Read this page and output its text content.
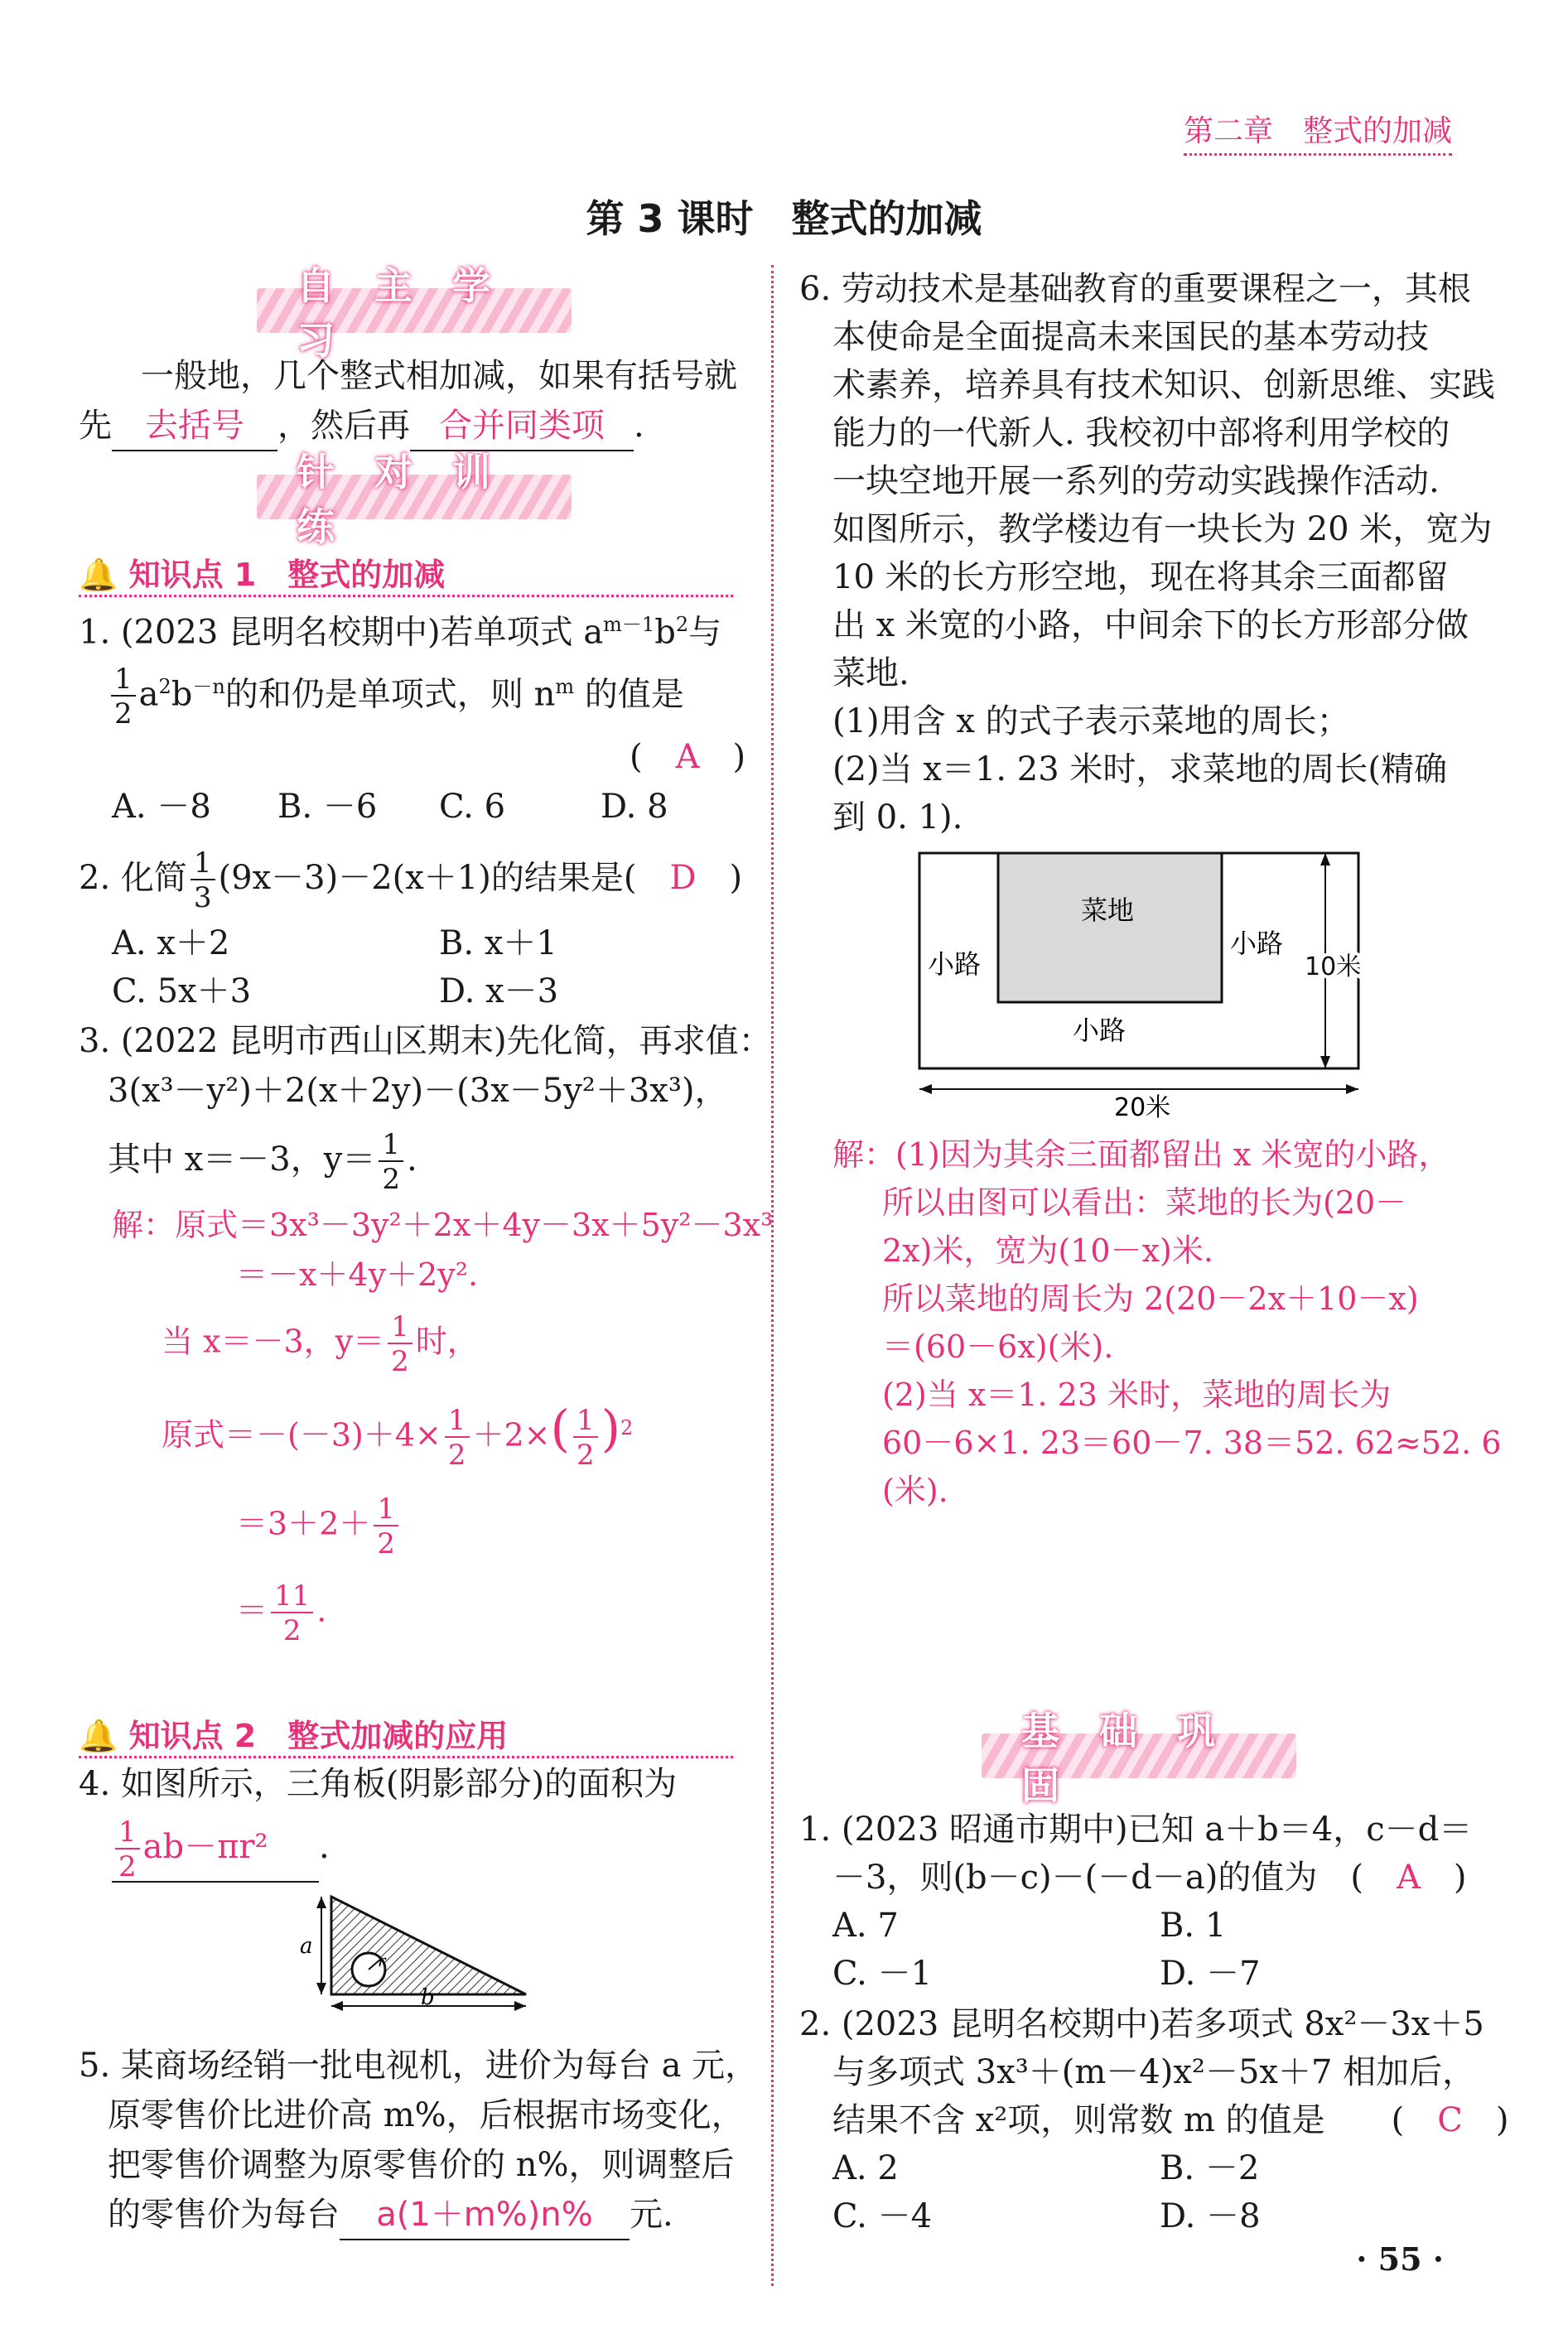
第二章　整式的加减
第 3 课时　整式的加减
自主学习
一般地，几个整式相加减，如果有括号就
先 去括号 ，然后再 合并同类项 .
针对训练
🔔 知识点 1　整式的加减
1. (2023 昆明名校期中)若单项式 $a^{m-1}b^2$与
$\frac{1}{2} a^2b^{-n}$的和仍是单项式，则 $n^m$ 的值是
(　A　)
A. －8 B. －6 C. 6	D. 8
2. 化简 $\frac{1}{3} (9x-3)-2(x+1)$的结果是(　D　)
A. x＋2	B. x＋1
C. 5x＋3	D. x－3
3. (2022 昆明市西山区期末)先化简，再求值：
3(x³－y²)＋2(x＋2y)－(3x－5y²＋3x³)，
其中 x＝－3，$y= \frac{1}{2}$ .
解：原式＝3x³－3y²＋2x＋4y－3x＋5y²－3x³
＝－x＋4y＋2y².
当 x＝－3，$y= \frac{1}{2}$ 时，
原式$=-(-3)+4\times \frac{1}{2} +2\times( \frac{1}{2} )^2$
$=3+2+ \frac{1}{2}$
＝ $\frac{11}{2}$ .
🔔 知识点 2　整式加减的应用
4. 如图所示，三角板(阴影部分)的面积为
$\frac{1}{2} ab-\pi r^2$ .
r
a
b
5. 某商场经销一批电视机，进价为每台 a 元，
原零售价比进价高 m%，后根据市场变化，
把零售价调整为原零售价的 n%，则调整后
的零售价为每台 a(1＋m%)n% 元.
6. 劳动技术是基础教育的重要课程之一，其根
本使命是全面提高未来国民的基本劳动技
术素养，培养具有技术知识、创新思维、实践
能力的一代新人. 我校初中部将利用学校的
一块空地开展一系列的劳动实践操作活动.
如图所示，教学楼边有一块长为 20 米，宽为
10 米的长方形空地，现在将其余三面都留
出 x 米宽的小路，中间余下的长方形部分做
菜地.
(1)用含 x 的式子表示菜地的周长；
(2)当 x＝1. 23 米时，求菜地的周长(精确
到 0. 1).
菜地
小路
小路
小路
10米
20米
解：(1)因为其余三面都留出 x 米宽的小路，
所以由图可以看出：菜地的长为(20－
2x)米，宽为(10－x)米.
所以菜地的周长为 2(20－2x＋10－x)
＝(60－6x)(米).
(2)当 x＝1. 23 米时，菜地的周长为
60－6×1. 23＝60－7. 38＝52. 62≈52. 6
(米).
基础巩固
1. (2023 昭通市期中)已知 a＋b＝4，c－d＝
－3，则(b－c)－(－d－a)的值为　(　A　)
A. 7	B. 1
C. －1	D. －7
2. (2023 昆明名校期中)若多项式 8x²－3x＋5
与多项式 3x³＋(m－4)x²－5x＋7 相加后，
结果不含 x²项，则常数 m 的值是　　(　C　)
A. 2	B. －2
C. －4	D. －8
· 55 ·
